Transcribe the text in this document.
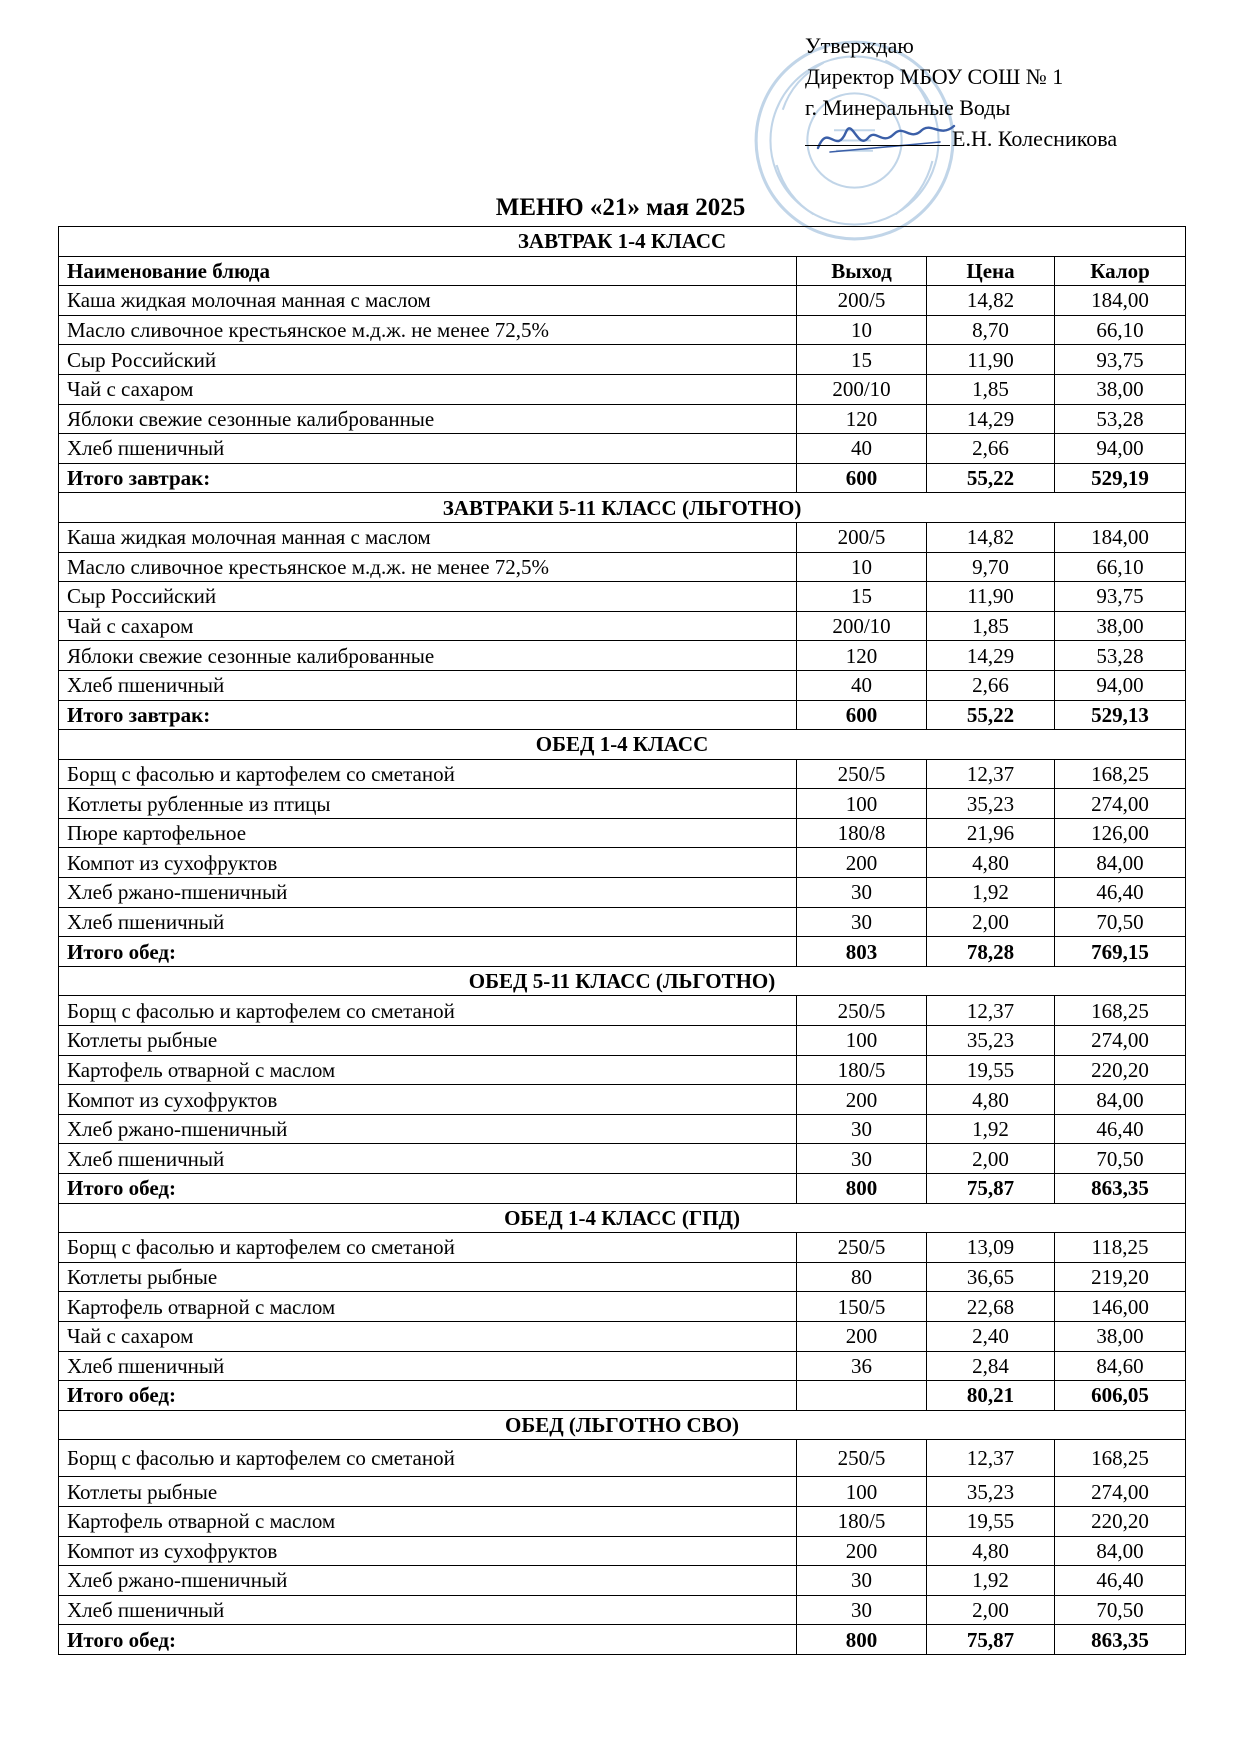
Утверждаю
Директор МБОУ СОШ № 1
г. Минеральные Воды
Е.Н. Колесникова
МЕНЮ «21» мая 2025
ЗАВТРАК 1-4 КЛАСС			
Наименование блюда	Выход	Цена	Калор
Каша жидкая молочная манная с маслом	200/5	14,82	184,00
Масло сливочное крестьянское м.д.ж. не менее 72,5%	10	8,70	66,10
Сыр Российский	15	11,90	93,75
Чай с сахаром	200/10	1,85	38,00
Яблоки свежие сезонные калиброванные	120	14,29	53,28
Хлеб пшеничный	40	2,66	94,00
Итого завтрак:	600	55,22	529,19
ЗАВТРАКИ 5-11 КЛАСС (ЛЬГОТНО)			
Каша жидкая молочная манная с маслом	200/5	14,82	184,00
Масло сливочное крестьянское м.д.ж. не менее 72,5%	10	9,70	66,10
Сыр Российский	15	11,90	93,75
Чай с сахаром	200/10	1,85	38,00
Яблоки свежие сезонные калиброванные	120	14,29	53,28
Хлеб пшеничный	40	2,66	94,00
Итого завтрак:	600	55,22	529,13
ОБЕД 1-4 КЛАСС			
Борщ с фасолью и картофелем со сметаной	250/5	12,37	168,25
Котлеты рубленные из птицы	100	35,23	274,00
Пюре картофельное	180/8	21,96	126,00
Компот из сухофруктов	200	4,80	84,00
Хлеб ржано-пшеничный	30	1,92	46,40
Хлеб пшеничный	30	2,00	70,50
Итого обед:	803	78,28	769,15
ОБЕД 5-11 КЛАСС (ЛЬГОТНО)			
Борщ с фасолью и картофелем со сметаной	250/5	12,37	168,25
Котлеты рыбные	100	35,23	274,00
Картофель отварной с маслом	180/5	19,55	220,20
Компот из сухофруктов	200	4,80	84,00
Хлеб ржано-пшеничный	30	1,92	46,40
Хлеб пшеничный	30	2,00	70,50
Итого обед:	800	75,87	863,35
ОБЕД 1-4 КЛАСС (ГПД)			
Борщ с фасолью и картофелем со сметаной	250/5	13,09	118,25
Котлеты рыбные	80	36,65	219,20
Картофель отварной с маслом	150/5	22,68	146,00
Чай с сахаром	200	2,40	38,00
Хлеб пшеничный	36	2,84	84,60
Итого обед:		80,21	606,05
ОБЕД (ЛЬГОТНО СВО)			
Борщ с фасолью и картофелем со сметаной	250/5	12,37	168,25
Котлеты рыбные	100	35,23	274,00
Картофель отварной с маслом	180/5	19,55	220,20
Компот из сухофруктов	200	4,80	84,00
Хлеб ржано-пшеничный	30	1,92	46,40
Хлеб пшеничный	30	2,00	70,50
Итого обед:	800	75,87	863,35
